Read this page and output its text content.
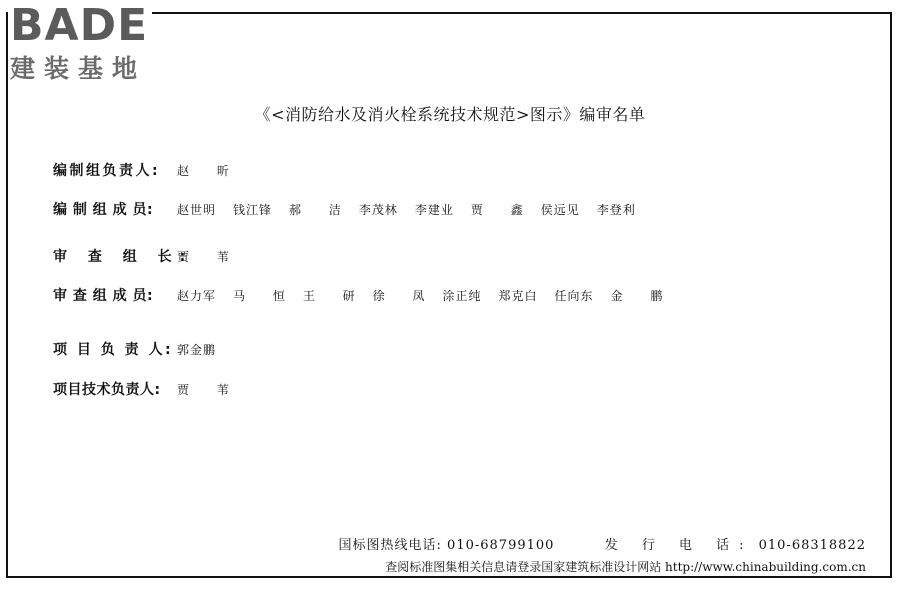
BADE
建装基地
《<消防给水及消火栓系统技术规范>图示》编审名单
编制组负责人:	赵 昕
编 制 组 成 员:	赵世明 钱江锋 郝 洁 李茂林 李建业 贾 鑫 侯远见 李登利
审 查 组 长:
贾 苇
审 查 组 成 员:	赵力军 马 恒 王 研 徐 凤 涂正纯 郑克白 任向东 金 鹏
项 目 负 责 人: 郭金鹏
项目技术负责人:	贾 苇
国标图热线电话: 010-68799100	发 行 电 话: 010-68318822
查阅标准图集相关信息请登录国家建筑标准设计网站 http://www.chinabuilding.com.cn
